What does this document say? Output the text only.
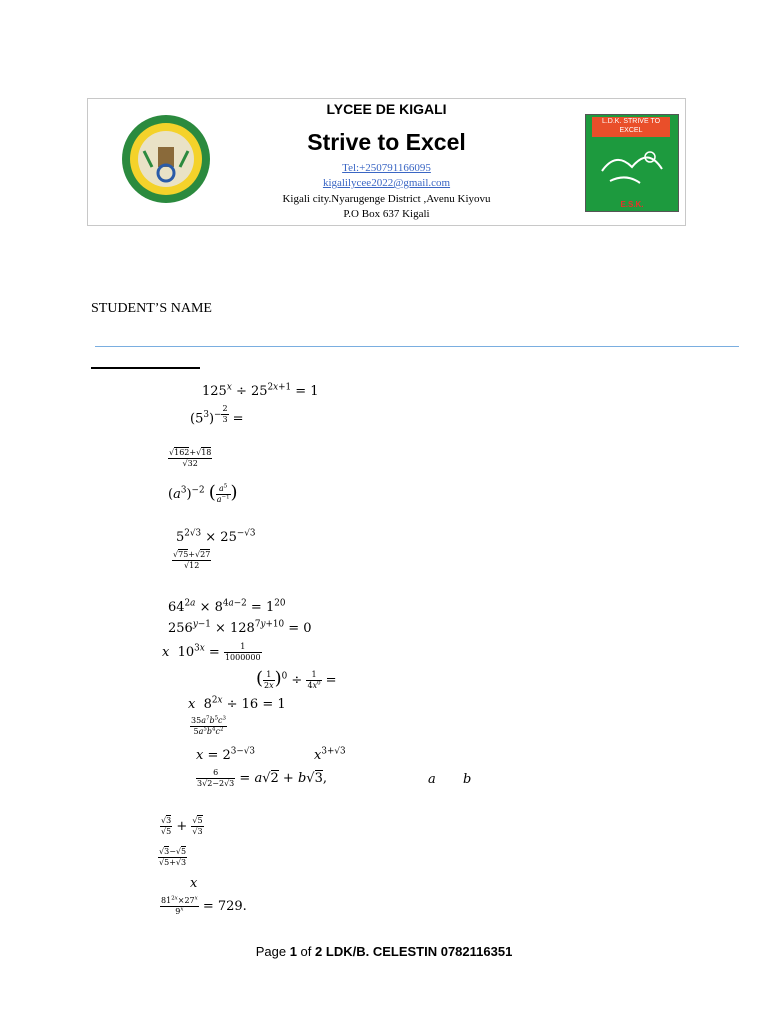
LYCEE DE KIGALI
Strive to Excel
Tel:+250791166095
kigalilycee2022@gmail.com
Kigali city.Nyarugenge District ,Avenu Kiyovu
P.O Box 637 Kigali
L.D.K. STRIVE TO EXCEL
E.S.K.
STUDENT’S NAME
$125^x \div 25^{2x+1} = 1$
$(5^3)^{- \frac{2}{3}}$ =
$\frac{√162+√18}{√32}$
$(a^3)^{-2}$ ( $\frac{a^5}{a^{-1}}$ )
$5^{2√3} \times 25^{-√3}$
$\frac{√75+√27}{√12}$
$64^{2a} \times 8^{4a-2} = 1^{20}$
$256^{y-1} \times 128^{7y+10} = 0$
x  $10^{3x} = \frac{1}{1000000}$
( $\frac{1}{2x} )^0 \div \frac{1}{4x^0}$ =
x  $8^{2x} \div 16 = 1$
$\frac{35a^7b^5c^3}{5a^5b^4c^2}$
$x = 2^{3-√3}$	$x^{3+√3}$
$\frac{6}{3√2-2√3} = a√2 + b√3$,	a b
$\frac{√3}{√5} + \frac{√5}{√3}$
$\frac{√3-√5}{√5+√3}$
x
$\frac{81^{2x}\times 27^x}{9^x} = 729$.
Page 1 of 2 LDK/B. CELESTIN 0782116351
